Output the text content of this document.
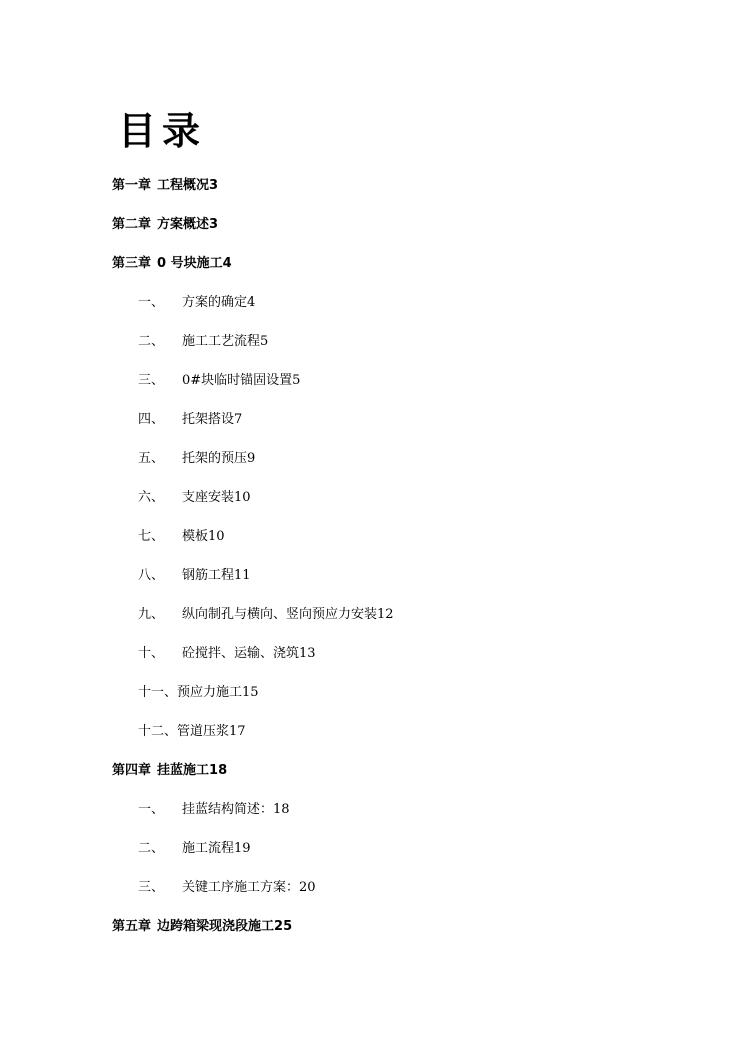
目录
第一章 工程概况3
第二章 方案概述3
第三章 0 号块施工4
一、 方案的确定4
二、 施工工艺流程5
三、 0#块临时锚固设置5
四、 托架搭设7
五、 托架的预压9
六、 支座安装10
七、 模板10
八、 钢筋工程11
九、 纵向制孔与横向、竖向预应力安装12
十、 砼搅拌、运输、浇筑13
十一、预应力施工15
十二、管道压浆17
第四章 挂蓝施工18
一、 挂蓝结构简述：18
二、 施工流程19
三、 关键工序施工方案：20
第五章 边跨箱梁现浇段施工25
